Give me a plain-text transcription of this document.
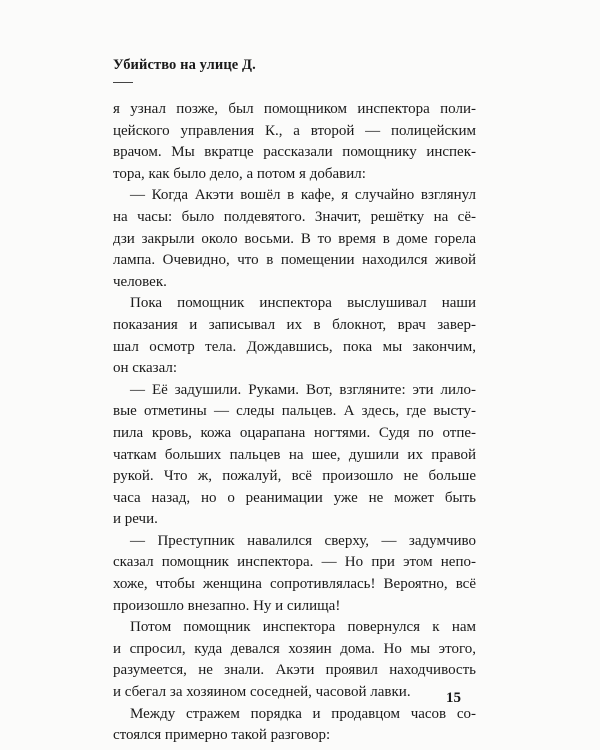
Убийство на улице Д.
я узнал позже, был помощником инспектора поли-
цейского управления К., а второй — полицейским
врачом. Мы вкратце рассказали помощнику инспек-
тора, как было дело, а потом я добавил:
— Когда Акэти вошёл в кафе, я случайно взглянул
на часы: было полдевятого. Значит, решётку на сё-
дзи закрыли около восьми. В то время в доме горела
лампа. Очевидно, что в помещении находился живой
человек.
Пока помощник инспектора выслушивал наши
показания и записывал их в блокнот, врач завер-
шал осмотр тела. Дождавшись, пока мы закончим,
он сказал:
— Её задушили. Руками. Вот, взгляните: эти лило-
вые отметины — следы пальцев. А здесь, где высту-
пила кровь, кожа оцарапана ногтями. Судя по отпе-
чаткам больших пальцев на шее, душили их правой
рукой. Что ж, пожалуй, всё произошло не больше
часа назад, но о реанимации уже не может быть
и речи.
— Преступник навалился сверху, — задумчиво
сказал помощник инспектора. — Но при этом непо-
хоже, чтобы женщина сопротивлялась! Вероятно, всё
произошло внезапно. Ну и силища!
Потом помощник инспектора повернулся к нам
и спросил, куда девался хозяин дома. Но мы этого,
разумеется, не знали. Акэти проявил находчивость
и сбегал за хозяином соседней, часовой лавки.
Между стражем порядка и продавцом часов со-
стоялся примерно такой разговор:
15
